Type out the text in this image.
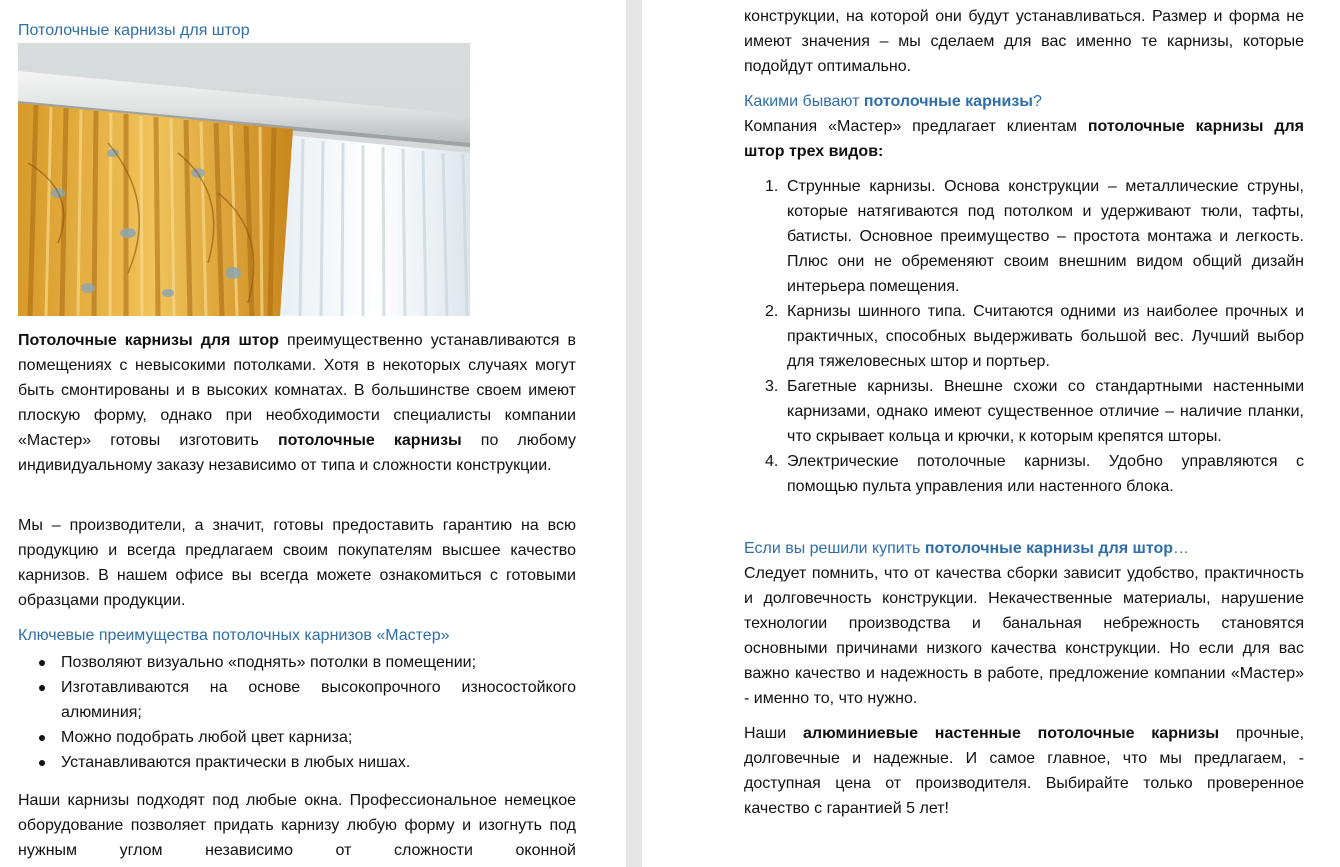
Потолочные карнизы для штор

Потолочные карнизы для штор преимущественно устанавливаются в помещениях с невысокими потолками. Хотя в некоторых случаях могут быть смонтированы и в высоких комнатах. В большинстве своем имеют плоскую форму, однако при необходимости специалисты компании «Мастер» готовы изготовить потолочные карнизы по любому индивидуальному заказу независимо от типа и сложности конструкции.

Мы – производители, а значит, готовы предоставить гарантию на всю продукцию и всегда предлагаем своим покупателям высшее качество карнизов. В нашем офисе вы всегда можете ознакомиться с готовыми образцами продукции.

Ключевые преимущества потолочных карнизов «Мастер»

Позволяют визуально «поднять» потолки в помещении;
Изготавливаются на основе высокопрочного износостойкого алюминия;
Можно подобрать любой цвет карниза;
Устанавливаются практически в любых нишах.

Наши карнизы подходят под любые окна. Профессиональное немецкое оборудование позволяет придать карнизу любую форму и изогнуть под нужным углом независимо от сложности оконной

конструкции, на которой они будут устанавливаться. Размер и форма не имеют значения – мы сделаем для вас именно те карнизы, которые подойдут оптимально.

Какими бывают потолочные карнизы?

Компания «Мастер» предлагает клиентам потолочные карнизы для штор трех видов:

1. Струнные карнизы. Основа конструкции – металлические струны, которые натягиваются под потолком и удерживают тюли, тафты, батисты. Основное преимущество – простота монтажа и легкость. Плюс они не обременяют своим внешним видом общий дизайн интерьера помещения.
2. Карнизы шинного типа. Считаются одними из наиболее прочных и практичных, способных выдерживать большой вес. Лучший выбор для тяжеловесных штор и портьер.
3. Багетные карнизы. Внешне схожи со стандартными настенными карнизами, однако имеют существенное отличие – наличие планки, что скрывает кольца и крючки, к которым крепятся шторы.
4. Электрические потолочные карнизы. Удобно управляются с помощью пульта управления или настенного блока.

Если вы решили купить потолочные карнизы для штор…

Следует помнить, что от качества сборки зависит удобство, практичность и долговечность конструкции. Некачественные материалы, нарушение технологии производства и банальная небрежность становятся основными причинами низкого качества конструкции. Но если для вас важно качество и надежность в работе, предложение компании «Мастер» - именно то, что нужно.

Наши алюминиевые настенные потолочные карнизы прочные, долговечные и надежные. И самое главное, что мы предлагаем, - доступная цена от производителя. Выбирайте только проверенное качество с гарантией 5 лет!
